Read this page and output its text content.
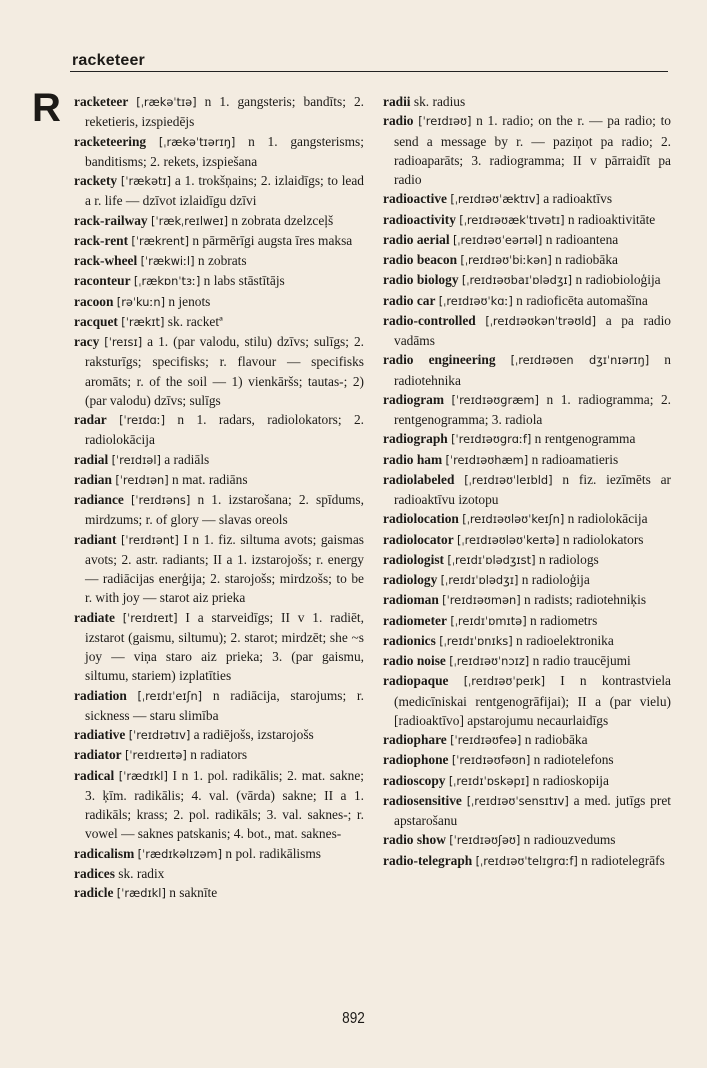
racketeer
R racketeer [ˌrækəˈtɪə] n 1. gangsteris; bandīts; 2. reketieris, izspiedējs
racketeering [ˌrækəˈtɪərɪŋ] n 1. gangsterisms; banditisms; 2. rekets, izspiešana
rackety [ˈrækətɪ] a 1. trokšņains; 2. izlaidīgs; to lead a r. life — dzīvot izlaidīgu dzīvi
rack-railway [ˈrækˌreɪlweɪ] n zobrata dzelzceļš
rack-rent [ˈrækrent] n pārmērīgi augsta īres maksa
rack-wheel [ˈrækwiːl] n zobrats
raconteur [ˌrækɒnˈtɜː] n labs stāstītājs
racoon [rəˈkuːn] n jenots
racquet [ˈrækɪt] sk. racketª
racy [ˈreɪsɪ] a 1. (par valodu, stilu) dzīvs; sulīgs; 2. raksturīgs; specifisks; r. flavour — specifisks aromāts; r. of the soil — 1) vienkāršs; tautas-; 2) (par valodu) dzīvs; sulīgs
radar [ˈreɪdɑː] n 1. radars, radiolokators; 2. radiolokācija
radial [ˈreɪdɪəl] a radiāls
radian [ˈreɪdɪən] n mat. radiāns
radiance [ˈreɪdɪəns] n 1. izstarošana; 2. spīdums, mirdzums; r. of glory — slavas oreols
radiant [ˈreɪdɪənt] I n 1. fiz. siltuma avots; gaismas avots; 2. astr. radiants; II a 1. izstarojošs; r. energy — radiācijas enerģija; 2. starojošs; mirdzošs; to be r. with joy — starot aiz prieka
radiate [ˈreɪdɪeɪt] I a starveidīgs; II v 1. radiēt, izstarot (gaismu, siltumu); 2. starot; mirdzēt; she ~s joy — viņa staro aiz prieka; 3. (par gaismu, siltumu, stariem) izplatīties
radiation [ˌreɪdɪˈeɪʃn] n radiācija, starojums; r. sickness — staru slimība
radiative [ˈreɪdɪətɪv] a radiējošs, izstarojošs
radiator [ˈreɪdɪeɪtə] n radiators
radical [ˈrædɪkl] I n 1. pol. radikālis; 2. mat. sakne; 3. ķīm. radikālis; 4. val. (vārda) sakne; II a 1. radikāls; krass; 2. pol. radikāls; 3. val. saknes-; r. vowel — saknes patskanis; 4. bot., mat. saknes-
radicalism [ˈrædɪkəlɪzəm] n pol. radikālisms
radices sk. radix
radicle [ˈrædɪkl] n saknīte
radii sk. radius
radio [ˈreɪdɪəʊ] n 1. radio; on the r. — pa radio; to send a message by r. — paziņot pa radio; 2. radioaparāts; 3. radiogramma; II v pārraidīt pa radio
radioactive [ˌreɪdɪəʊˈæktɪv] a radioaktīvs
radioactivity [ˌreɪdɪəʊækˈtɪvətɪ] n radioaktivitāte
radio aerial [ˌreɪdɪəʊˈeərɪəl] n radioantena
radio beacon [ˌreɪdɪəʊˈbiːkən] n radiobāka
radio biology [ˌreɪdɪəʊbaɪˈɒlədʒɪ] n radiobioloģija
radio car [ˌreɪdɪəʊˈkɑː] n radioficēta automašīna
radio-controlled [ˌreɪdɪəʊkənˈtrəʊld] a pa radio vadāms
radio engineering [ˌreɪdɪəʊen dʒɪˈnɪərɪŋ] n radiotehnika
radiogram [ˈreɪdɪəʊgræm] n 1. radiogramma; 2. rentgenogramma; 3. radiola
radiograph [ˈreɪdɪəʊgrɑːf] n rentgenogramma
radio ham [ˈreɪdɪəʊhæm] n radioamatieris
radiolabeled [ˌreɪdɪəʊˈleɪbld] n fiz. iezīmēts ar radioaktīvu izotopu
radiolocation [ˌreɪdɪəʊləʊˈkeɪʃn] n radiolokācija
radiolocator [ˌreɪdɪəʊləʊˈkeɪtə] n radiolokators
radiologist [ˌreɪdɪˈɒlədʒɪst] n radiologs
radiology [ˌreɪdɪˈɒlədʒɪ] n radioloģija
radioman [ˈreɪdɪəʊmən] n radists; radiotehniķis
radiometer [ˌreɪdɪˈɒmɪtə] n radiometrs
radionics [ˌreɪdɪˈɒnɪks] n radioelektronika
radio noise [ˌreɪdɪəʊˈnɔɪz] n radio traucējumi
radiopaque [ˌreɪdɪəʊˈpeɪk] I n kontrastviela (medicīniskai rentgenogrāfijai); II a (par vielu) [radioaktīvo] apstarojumu necaurlaidīgs
radiophare [ˈreɪdɪəʊfeə] n radiobāka
radiophone [ˈreɪdɪəʊfəʊn] n radiotelefons
radioscopy [ˌreɪdɪˈɒskəpɪ] n radioskopija
radiosensitive [ˌreɪdɪəʊˈsensɪtɪv] a med. jutīgs pret apstarošanu
radio show [ˈreɪdɪəʊʃəʊ] n radiouzvedums
radio-telegraph [ˌreɪdɪəʊˈtelɪgrɑːf] n radiotelegrāfs
892
